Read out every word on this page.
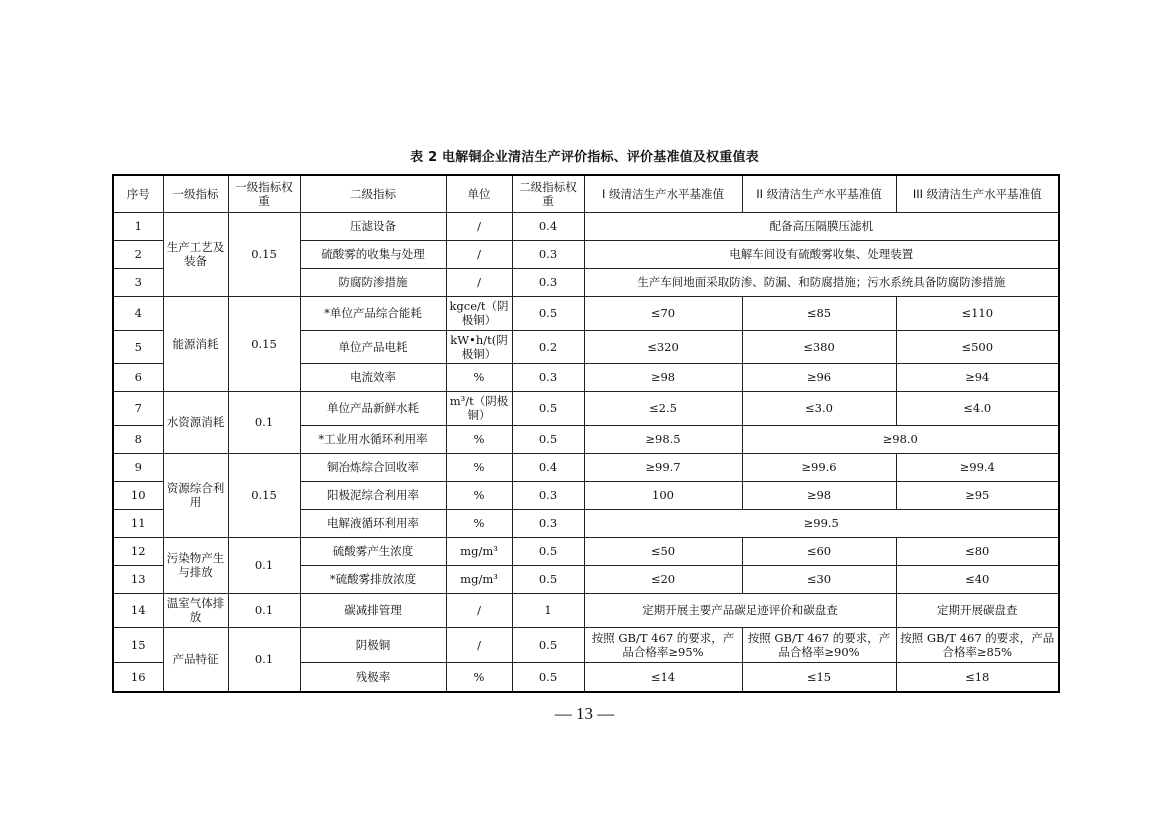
表 2 电解铜企业清洁生产评价指标、评价基准值及权重值表
序号	一级指标	一级指标权重	二级指标	单位	二级指标权重	I 级清洁生产水平基准值	II 级清洁生产水平基准值	III 级清洁生产水平基准值
1	生产工艺及装备	0.15	压滤设备	/	0.4	配备高压隔膜压滤机		
2			硫酸雾的收集与处理	/	0.3	电解车间设有硫酸雾收集、处理装置		
3			防腐防渗措施	/	0.3	生产车间地面采取防渗、防漏、和防腐措施；污水系统具备防腐防渗措施		
4	能源消耗	0.15	*单位产品综合能耗	kgce/t（阴极铜）	0.5	≤70	≤85	≤110
5			单位产品电耗	kW•h/t(阴极铜）	0.2	≤320	≤380	≤500
6			电流效率	%	0.3	≥98	≥96	≥94
7	水资源消耗	0.1	单位产品新鲜水耗	m³/t（阴极铜）	0.5	≤2.5	≤3.0	≤4.0
8			*工业用水循环利用率	%	0.5	≥98.5	≥98.0	
9	资源综合利用	0.15	铜冶炼综合回收率	%	0.4	≥99.7	≥99.6	≥99.4
10			阳极泥综合利用率	%	0.3	100	≥98	≥95
11			电解液循环利用率	%	0.3	≥99.5		
12	污染物产生与排放	0.1	硫酸雾产生浓度	mg/m³	0.5	≤50	≤60	≤80
13			*硫酸雾排放浓度	mg/m³	0.5	≤20	≤30	≤40
14	温室气体排放	0.1	碳减排管理	/	1	定期开展主要产品碳足迹评价和碳盘查		定期开展碳盘查
15	产品特征	0.1	阴极铜	/	0.5	按照 GB/T 467 的要求，产品合格率≥95%	按照 GB/T 467 的要求，产品合格率≥90%	按照 GB/T 467 的要求，产品合格率≥85%
16			残极率	%	0.5	≤14	≤15	≤18
— 13 —
